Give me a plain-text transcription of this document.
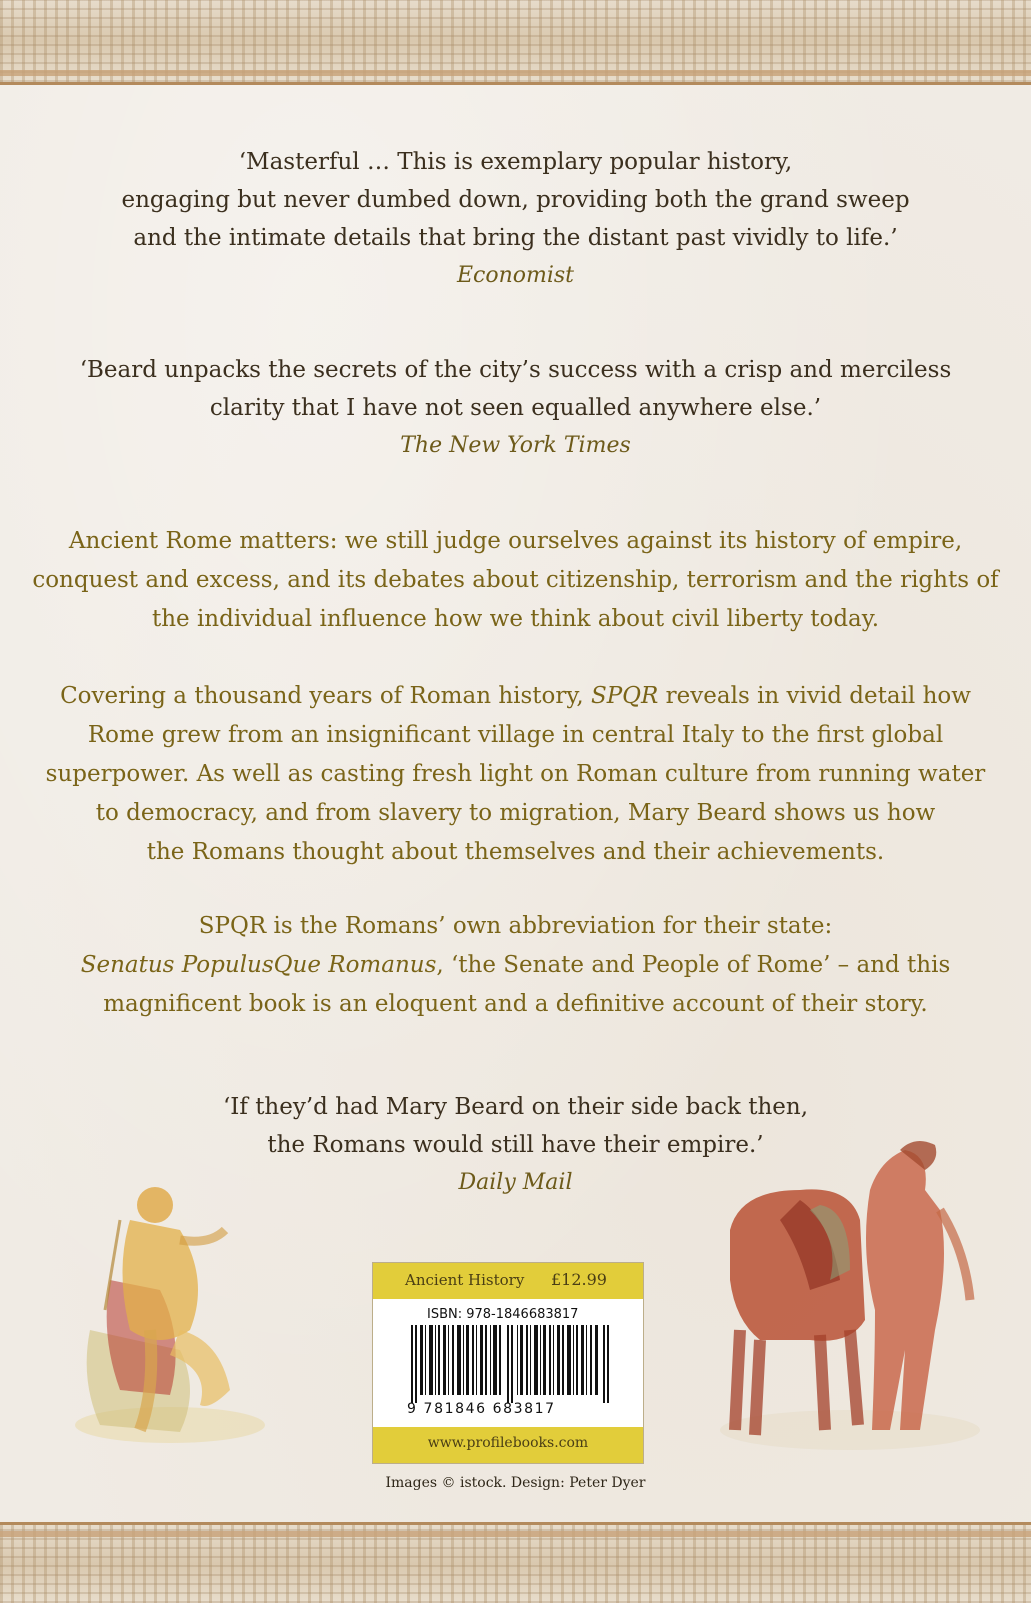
‘Masterful … This is exemplary popular history,
engaging but never dumbed down, providing both the grand sweep
and the intimate details that bring the distant past vividly to life.’
Economist
‘Beard unpacks the secrets of the city’s success with a crisp and merciless
clarity that I have not seen equalled anywhere else.’
The New York Times
Ancient Rome matters: we still judge ourselves against its history of empire,
conquest and excess, and its debates about citizenship, terrorism and the rights of
the individual influence how we think about civil liberty today.
Covering a thousand years of Roman history, SPQR reveals in vivid detail how
Rome grew from an insignificant village in central Italy to the first global
superpower. As well as casting fresh light on Roman culture from running water
to democracy, and from slavery to migration, Mary Beard shows us how
the Romans thought about themselves and their achievements.
SPQR is the Romans’ own abbreviation for their state:
Senatus PopulusQue Romanus, ‘the Senate and People of Rome’ – and this
magnificent book is an eloquent and a definitive account of their story.
‘If they’d had Mary Beard on their side back then,
the Romans would still have their empire.’
Daily Mail
Ancient History £12.99
ISBN: 978-1846683817
9 781846 683817
www.profilebooks.com
Images © istock. Design: Peter Dyer
